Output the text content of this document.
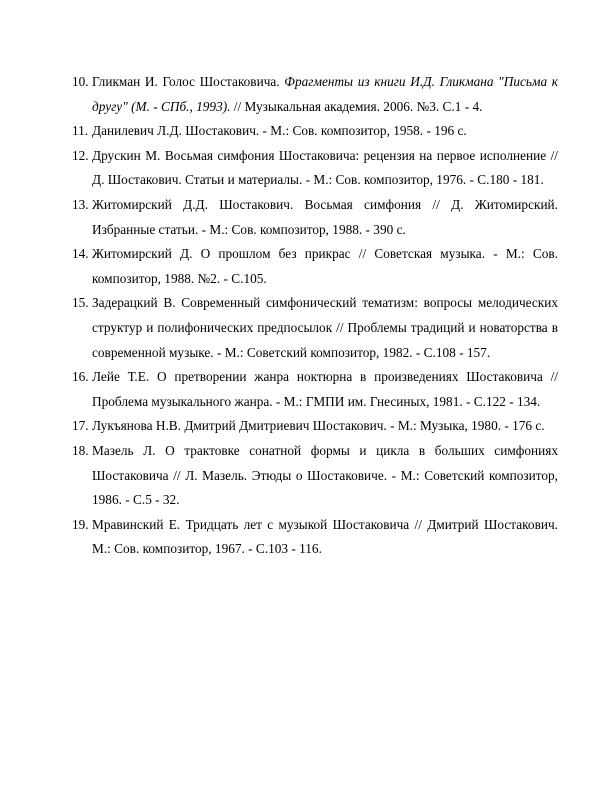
10. Гликман И. Голос Шостаковича. Фрагменты из книги И.Д. Гликмана "Письма к другу" (М. - СПб., 1993). // Музыкальная академия. 2006. №3. С.1 - 4.
11. Данилевич Л.Д. Шостакович. - М.: Сов. композитор, 1958. - 196 с.
12. Друскин М. Восьмая симфония Шостаковича: рецензия на первое исполнение // Д. Шостакович. Статьи и материалы. - М.: Сов. композитор, 1976. - С.180 - 181.
13. Житомирский Д.Д. Шостакович. Восьмая симфония // Д. Житомирский. Избранные статьи. - М.: Сов. композитор, 1988. - 390 с.
14. Житомирский Д. О прошлом без прикрас // Советская музыка. - М.: Сов. композитор, 1988. №2. - С.105.
15. Задерацкий В. Современный симфонический тематизм: вопросы мелодических структур и полифонических предпосылок // Проблемы традиций и новаторства в современной музыке. - М.: Советский композитор, 1982. - С.108 - 157.
16. Лейе Т.Е. О претворении жанра ноктюрна в произведениях Шостаковича // Проблема музыкального жанра. - М.: ГМПИ им. Гнесиных, 1981. - С.122 - 134.
17. Лукъянова Н.В. Дмитрий Дмитриевич Шостакович. - М.: Музыка, 1980. - 176 с.
18. Мазель Л. О трактовке сонатной формы и цикла в больших симфониях Шостаковича // Л. Мазель. Этюды о Шостаковиче. - М.: Советский композитор, 1986. - С.5 - 32.
19. Мравинский Е. Тридцать лет с музыкой Шостаковича // Дмитрий Шостакович. М.: Сов. композитор, 1967. - С.103 - 116.
